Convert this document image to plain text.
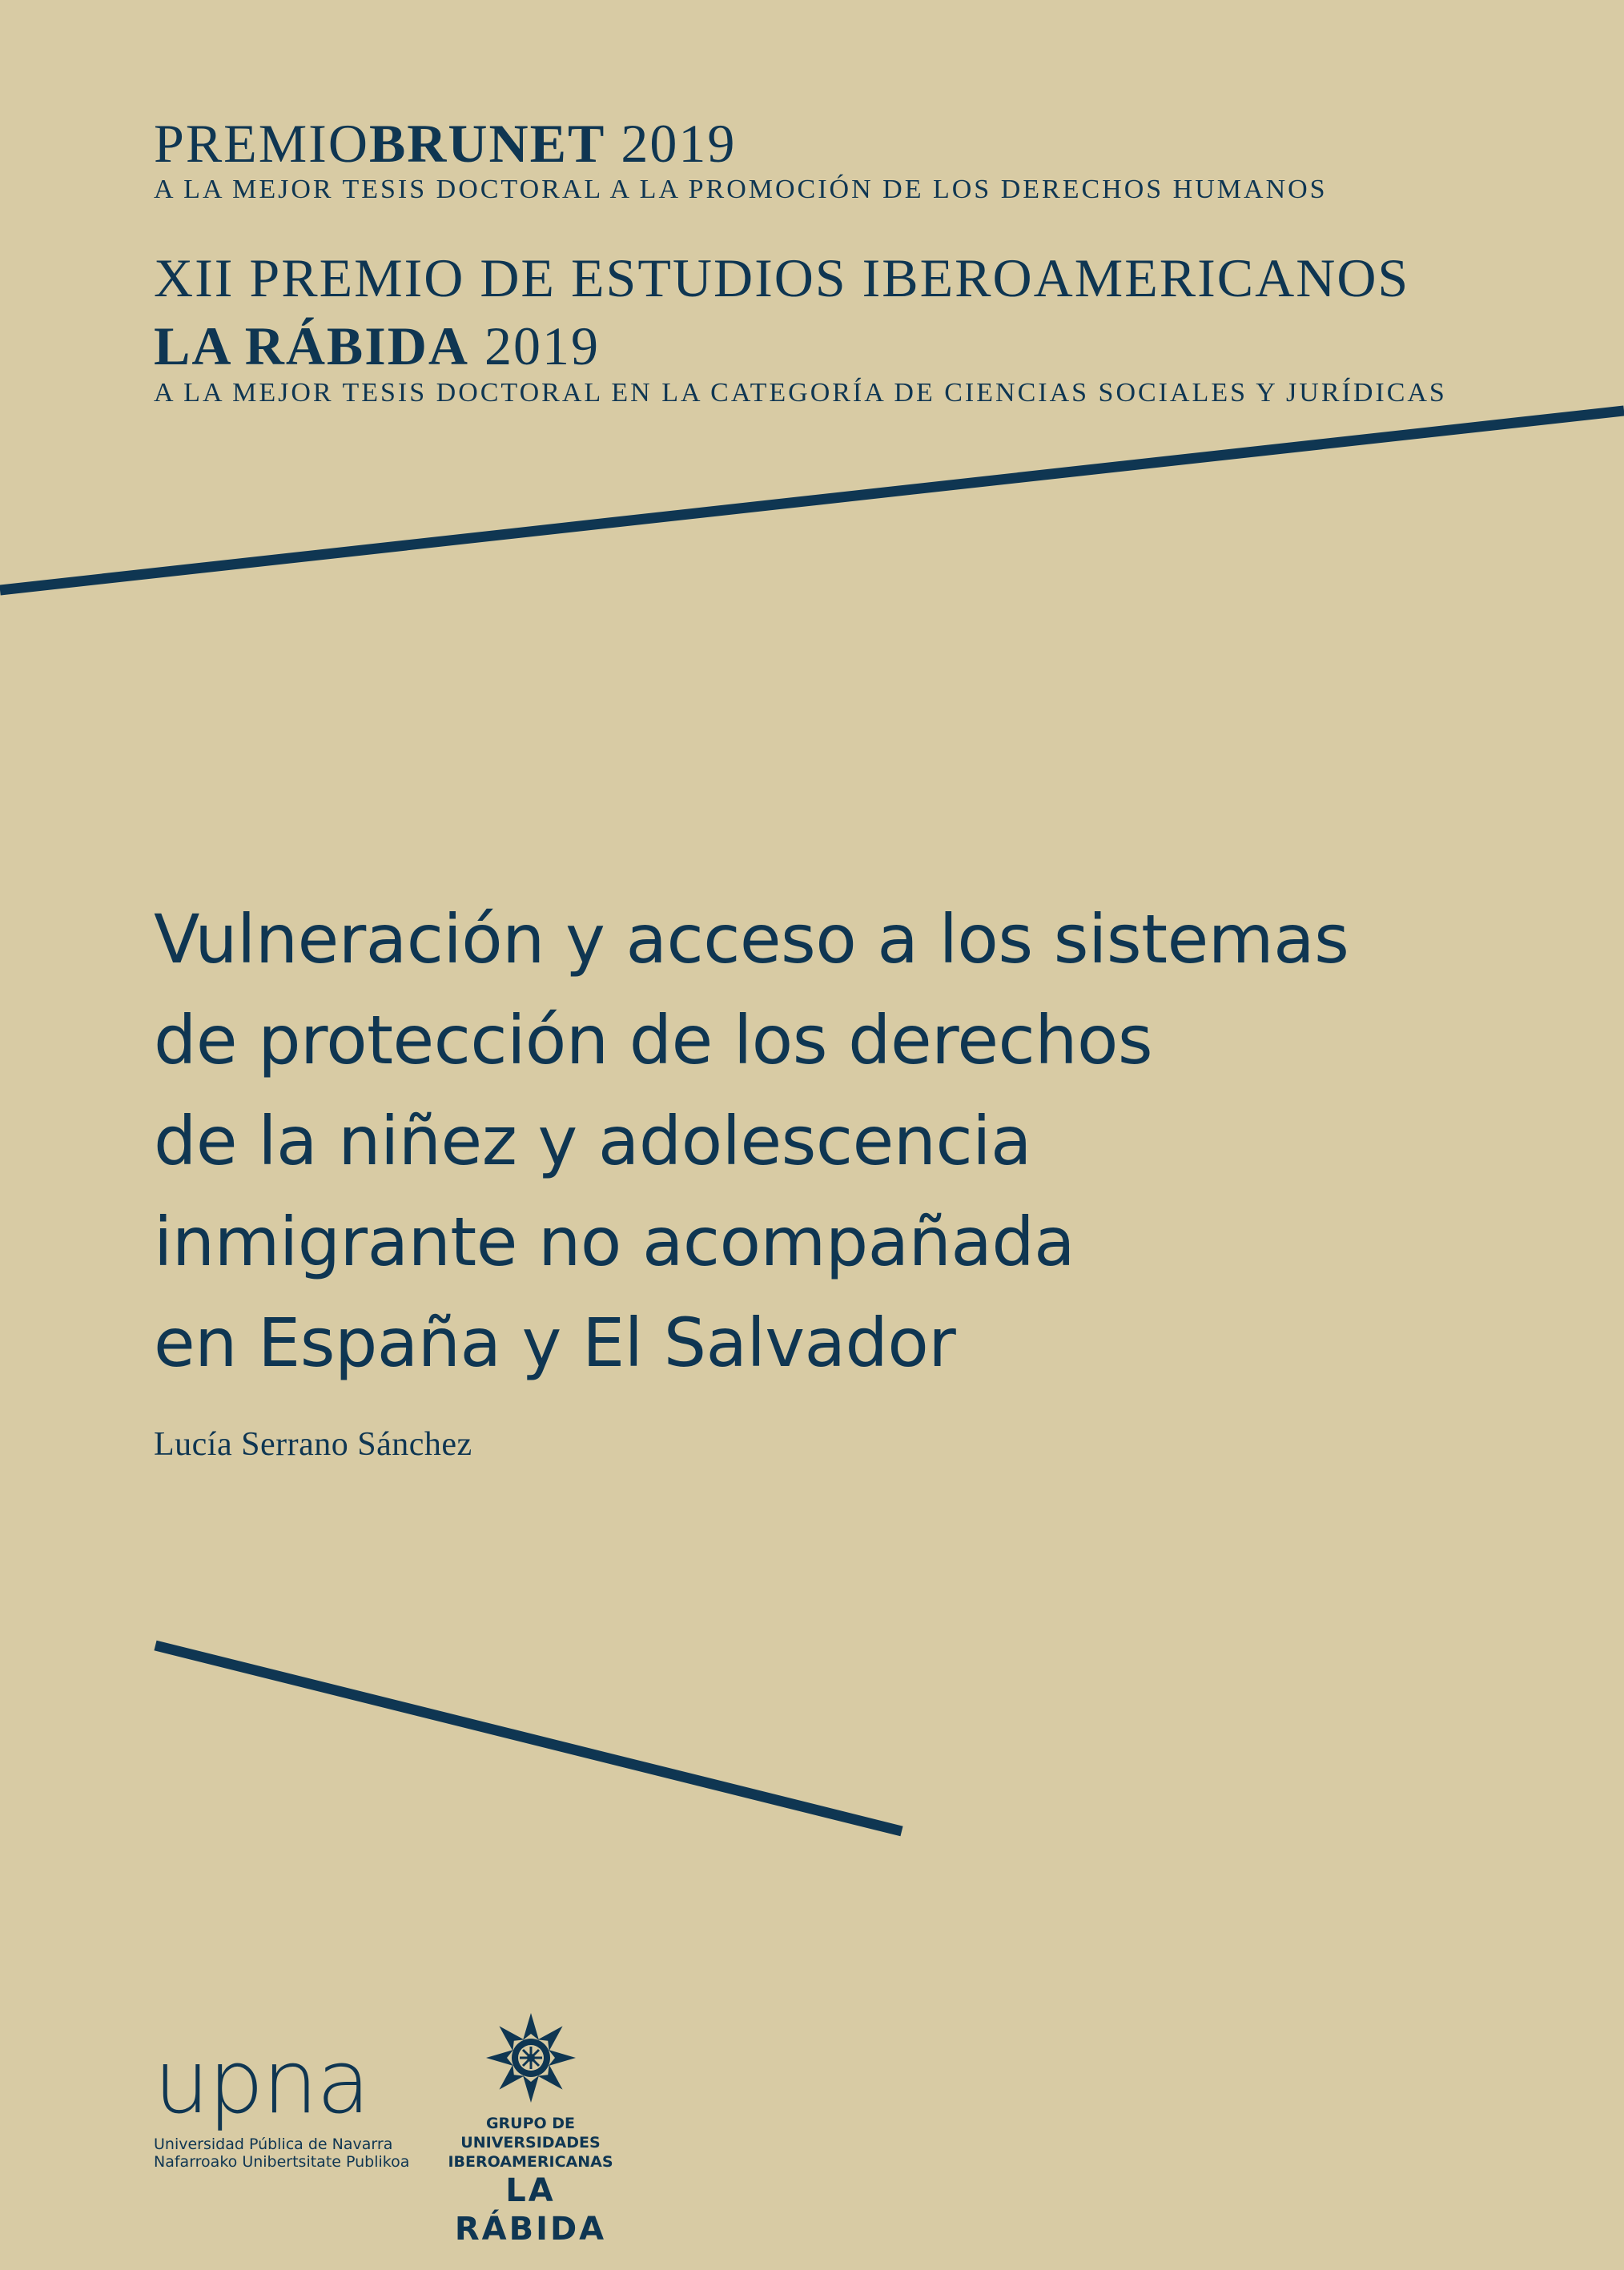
PREMIOBRUNET 2019
A LA MEJOR TESIS DOCTORAL A LA PROMOCIÓN DE LOS DERECHOS HUMANOS
XII PREMIO DE ESTUDIOS IBEROAMERICANOS
LA RÁBIDA 2019
A LA MEJOR TESIS DOCTORAL EN LA CATEGORÍA DE CIENCIAS SOCIALES Y JURÍDICAS
Vulneración y acceso a los sistemas
de protección de los derechos
de la niñez y adolescencia
inmigrante no acompañada
en España y El Salvador
Lucía Serrano Sánchez
upna
Universidad Pública de Navarra
Nafarroako Unibertsitate Publikoa
GRUPO DE UNIVERSIDADES
IBEROAMERICANAS
LA RÁBIDA
